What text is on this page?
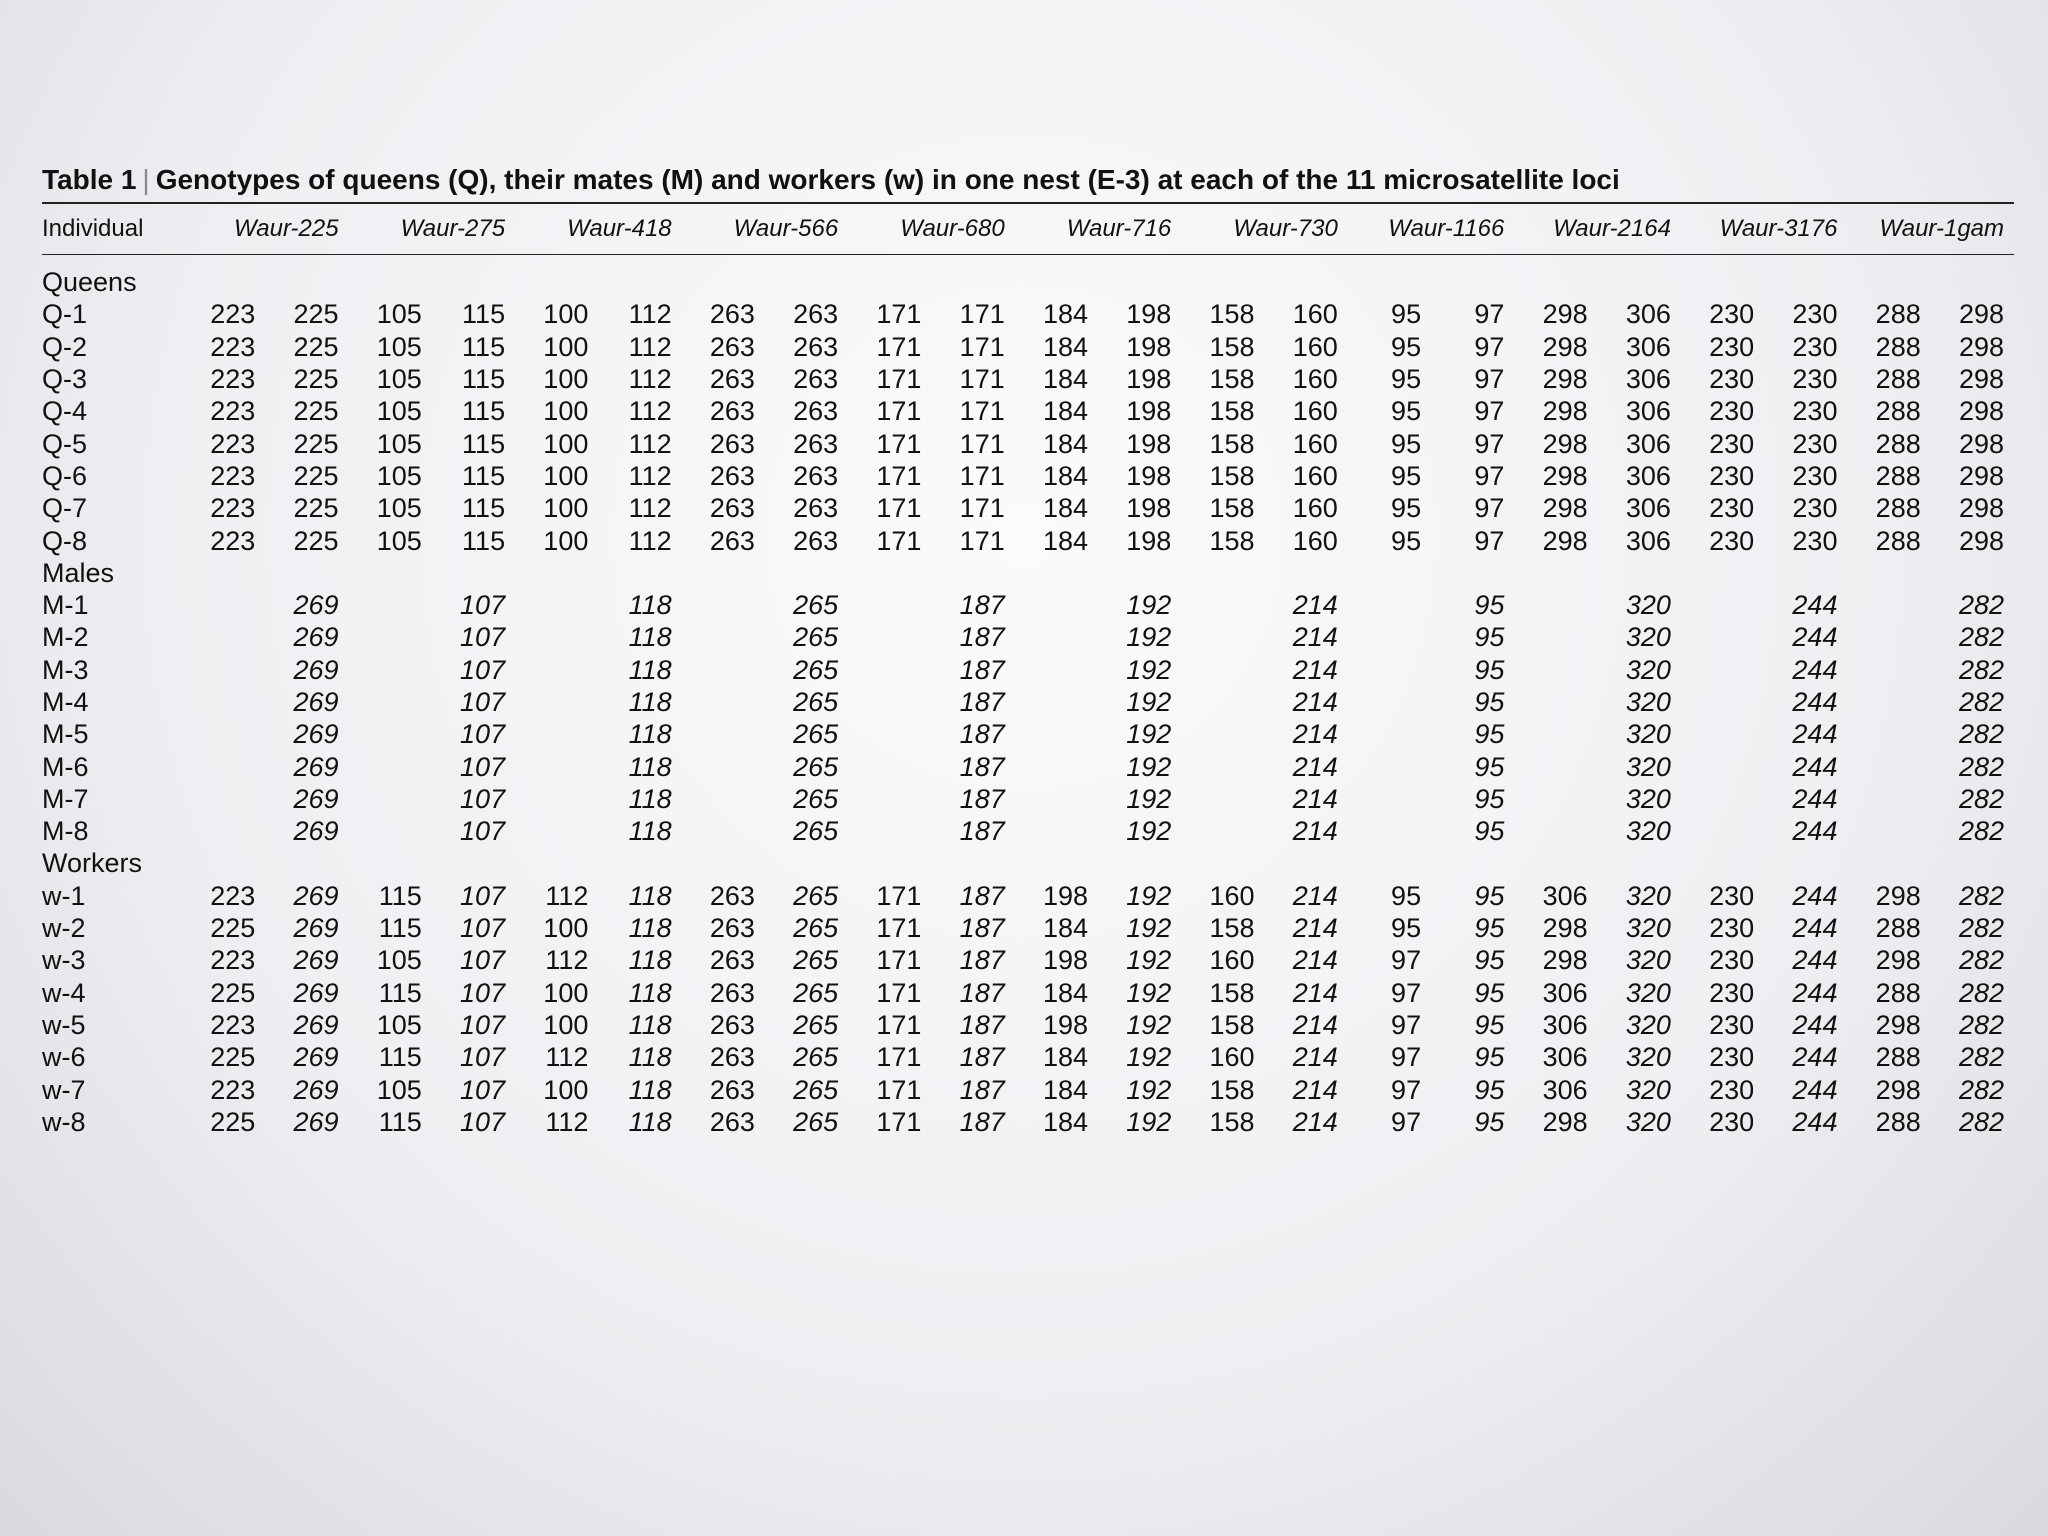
Table 1 | Genotypes of queens (Q), their mates (M) and workers (w) in one nest (E-3) at each of the 11 microsatellite loci
Individual	Waur-225		Waur-275		Waur-418		Waur-566		Waur-680		Waur-716		Waur-730		Waur-1166		Waur-2164		Waur-3176		Waur-1gam	

Queens																						
Q-1	223	225	105	115	100	112	263	263	171	171	184	198	158	160	95	97	298	306	230	230	288	298
Q-2	223	225	105	115	100	112	263	263	171	171	184	198	158	160	95	97	298	306	230	230	288	298
Q-3	223	225	105	115	100	112	263	263	171	171	184	198	158	160	95	97	298	306	230	230	288	298
Q-4	223	225	105	115	100	112	263	263	171	171	184	198	158	160	95	97	298	306	230	230	288	298
Q-5	223	225	105	115	100	112	263	263	171	171	184	198	158	160	95	97	298	306	230	230	288	298
Q-6	223	225	105	115	100	112	263	263	171	171	184	198	158	160	95	97	298	306	230	230	288	298
Q-7	223	225	105	115	100	112	263	263	171	171	184	198	158	160	95	97	298	306	230	230	288	298
Q-8	223	225	105	115	100	112	263	263	171	171	184	198	158	160	95	97	298	306	230	230	288	298
Males																						
M-1		269		107		118		265		187		192		214		95		320		244		282
M-2		269		107		118		265		187		192		214		95		320		244		282
M-3		269		107		118		265		187		192		214		95		320		244		282
M-4		269		107		118		265		187		192		214		95		320		244		282
M-5		269		107		118		265		187		192		214		95		320		244		282
M-6		269		107		118		265		187		192		214		95		320		244		282
M-7		269		107		118		265		187		192		214		95		320		244		282
M-8		269		107		118		265		187		192		214		95		320		244		282
Workers																						
w-1	223	269	115	107	112	118	263	265	171	187	198	192	160	214	95	95	306	320	230	244	298	282
w-2	225	269	115	107	100	118	263	265	171	187	184	192	158	214	95	95	298	320	230	244	288	282
w-3	223	269	105	107	112	118	263	265	171	187	198	192	160	214	97	95	298	320	230	244	298	282
w-4	225	269	115	107	100	118	263	265	171	187	184	192	158	214	97	95	306	320	230	244	288	282
w-5	223	269	105	107	100	118	263	265	171	187	198	192	158	214	97	95	306	320	230	244	298	282
w-6	225	269	115	107	112	118	263	265	171	187	184	192	160	214	97	95	306	320	230	244	288	282
w-7	223	269	105	107	100	118	263	265	171	187	184	192	158	214	97	95	306	320	230	244	298	282
w-8	225	269	115	107	112	118	263	265	171	187	184	192	158	214	97	95	298	320	230	244	288	282
